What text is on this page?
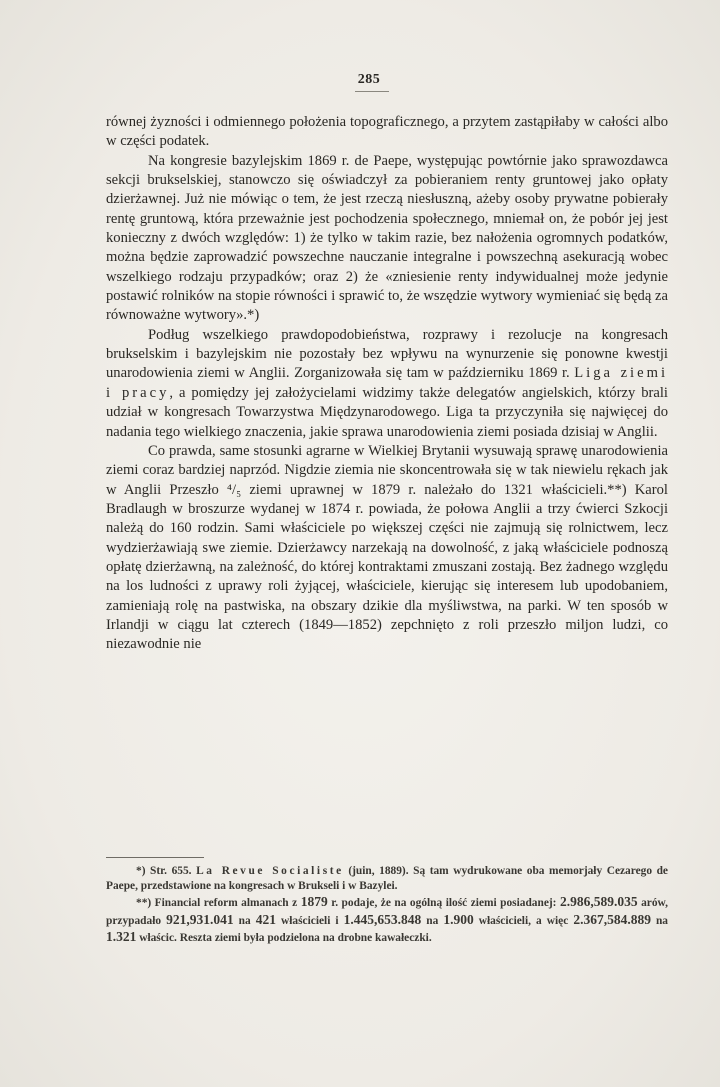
285

równej żyzności i odmiennego położenia topograficznego, a przytem zastąpiłaby w całości albo w części podatek.

Na kongresie bazylejskim 1869 r. de Paepe, występując powtórnie jako sprawozdawca sekcji brukselskiej, stanowczo się oświadczył za pobieraniem renty gruntowej jako opłaty dzierżawnej. Już nie mówiąc o tem, że jest rzeczą niesłuszną, ażeby osoby prywatne pobierały rentę gruntową, która przeważnie jest pochodzenia społecznego, mniemał on, że pobór jej jest konieczny z dwóch względów: 1) że tylko w takim razie, bez nałożenia ogromnych podatków, można będzie zaprowadzić powszechne nauczanie integralne i powszechną asekuracją wobec wszelkiego rodzaju przypadków; oraz 2) że «zniesienie renty indywidualnej może jedynie postawić rolników na stopie równości i sprawić to, że wszędzie wytwory wymieniać się będą za równoważne wytwory».*)

Podług wszelkiego prawdopodobieństwa, rozprawy i rezolucje na kongresach brukselskim i bazylejskim nie pozostały bez wpływu na wynurzenie się ponowne kwestji unarodowienia ziemi w Anglii. Zorganizowała się tam w październiku 1869 r. Liga ziemi i pracy, a pomiędzy jej założycielami widzimy także delegatów angielskich, którzy brali udział w kongresach Towarzystwa Międzynarodowego. Liga ta przyczyniła się najwięcej do nadania tego wielkiego znaczenia, jakie sprawa unarodowienia ziemi posiada dzisiaj w Anglii.

Co prawda, same stosunki agrarne w Wielkiej Brytanii wysuwają sprawę unarodowienia ziemi coraz bardziej naprzód. Nigdzie ziemia nie skoncentrowała się w tak niewielu rękach jak w Anglii Przeszło ⁴/₅ ziemi uprawnej w 1879 r. należało do 1321 właścicieli.**) Karol Bradlaugh w broszurze wydanej w 1874 r. powiada, że połowa Anglii a trzy ćwierci Szkocji należą do 160 rodzin. Sami właściciele po większej części nie zajmują się rolnictwem, lecz wydzierżawiają swe ziemie. Dzierżawcy narzekają na dowolność, z jaką właściciele podnoszą opłatę dzierżawną, na zależność, do której kontraktami zmuszani zostają. Bez żadnego względu na los ludności z uprawy roli żyjącej, właściciele, kierując się interesem lub upodobaniem, zamieniają rolę na pastwiska, na obszary dzikie dla myśliwstwa, na parki. W ten sposób w Irlandji w ciągu lat czterech (1849—1852) zepchnięto z roli przeszło miljon ludzi, co niezawodnie nie

*) Str. 655. La Revue Socialiste (juin, 1889). Są tam wydrukowane oba memorjały Cezarego de Paepe, przedstawione na kongresach w Brukseli i w Bazylei.

**) Financial reform almanach z 1879 r. podaje, że na ogólną ilość ziemi posiadanej: 2.986,589.035 arów, przypadało 921,931.041 na 421 właścicieli i 1.445,653.848 na 1.900 właścicieli, a więc 2.367,584.889 na 1.321 właścic. Reszta ziemi była podzielona na drobne kawałeczki.
